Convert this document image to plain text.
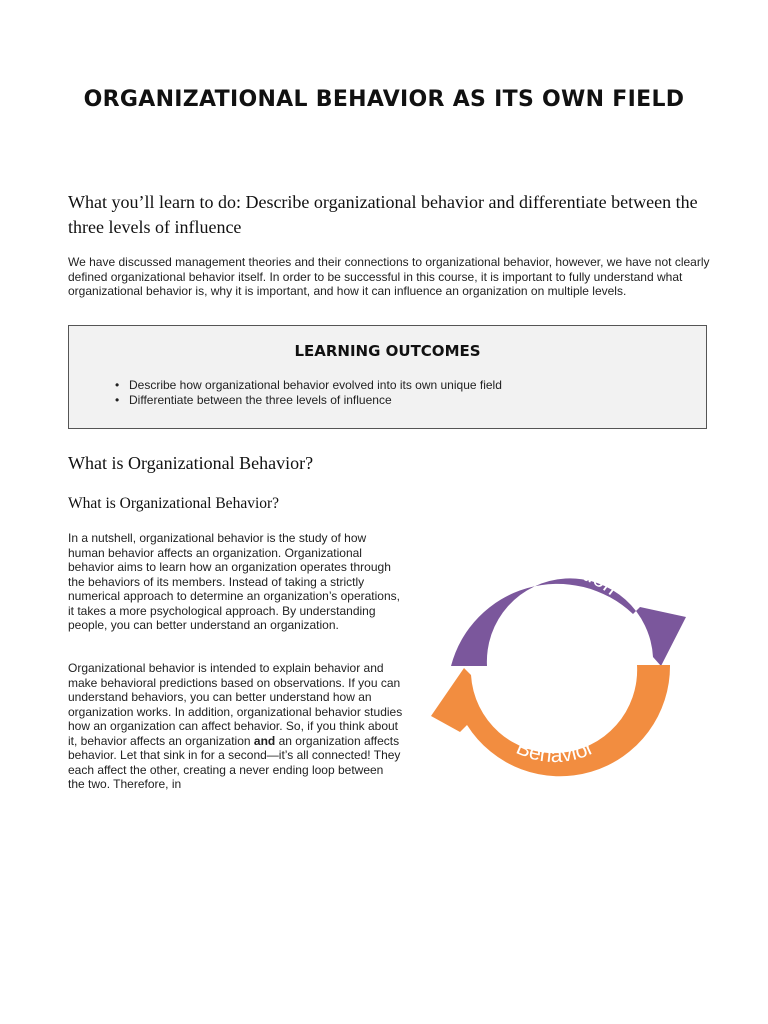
ORGANIZATIONAL BEHAVIOR AS ITS OWN FIELD
What you’ll learn to do: Describe organizational behavior and differentiate between the three levels of influence

We have discussed management theories and their connections to organizational behavior, however, we have not clearly defined organizational behavior itself. In order to be successful in this course, it is important to fully understand what organizational behavior is, why it is important, and how it can influence an organization on multiple levels.

LEARNING OUTCOMES
• Describe how organizational behavior evolved into its own unique field
• Differentiate between the three levels of influence
What is Organizational Behavior?
What is Organizational Behavior?

In a nutshell, organizational behavior is the study of how human behavior affects an organization. Organizational behavior aims to learn how an organization operates through the behaviors of its members. Instead of taking a strictly numerical approach to determine an organization’s operations, it takes a more psychological approach. By understanding people, you can better understand an organization.

Organizational behavior is intended to explain behavior and make behavioral predictions based on observations. If you can understand behaviors, you can better understand how an organization works. In addition, organizational behavior studies how an organization can affect behavior. So, if you think about it, behavior affects an organization and an organization affects behavior. Let that sink in for a second—it’s all connected! They each affect the other, creating a never ending loop between the two. Therefore, in

Organization
Behavior
